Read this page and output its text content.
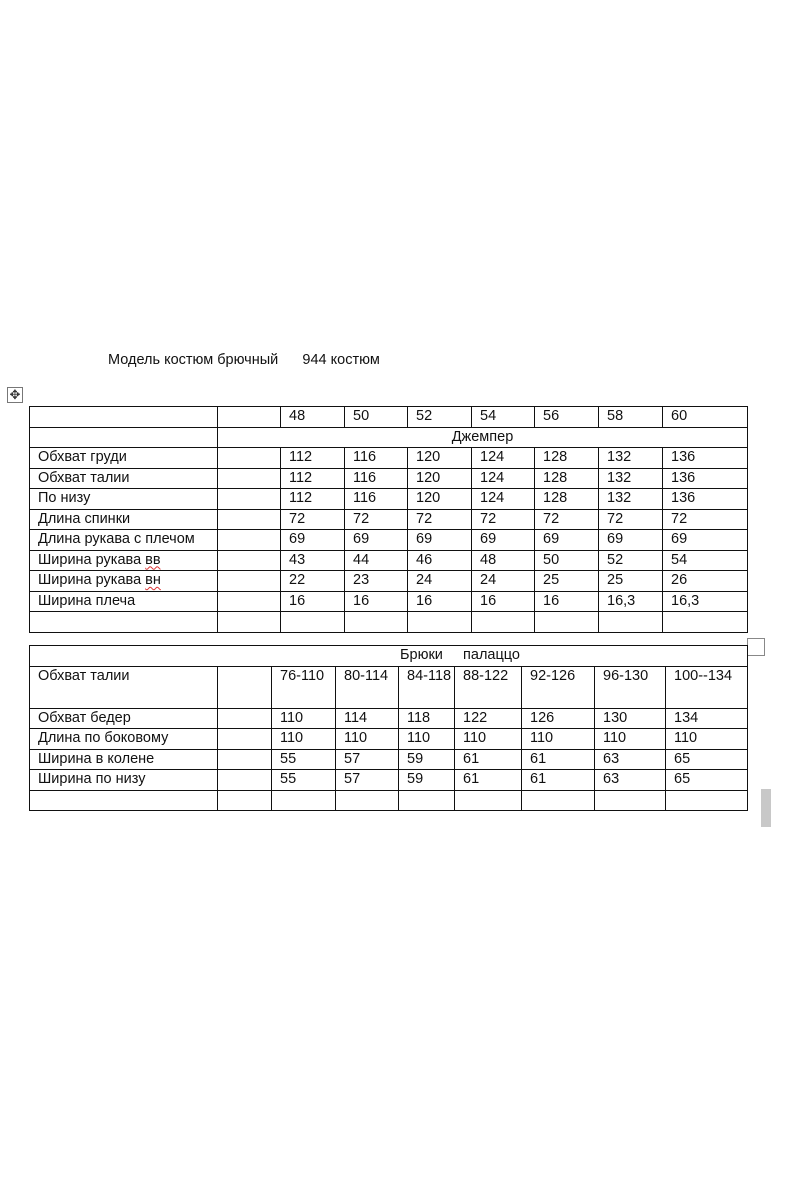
Модель костюм брючный      944 костюм
✥
		48	50	52	54	56	58	60
	Джемпер							
Обхват груди		112	116	120	124	128	132	136
Обхват талии		112	116	120	124	128	132	136
По низу		112	116	120	124	128	132	136
Длина спинки		72	72	72	72	72	72	72
Длина рукава с плечом		69	69	69	69	69	69	69
Ширина рукава вв		43	44	46	48	50	52	54
Ширина рукава вн		22	23	24	24	25	25	26
Ширина плеча		16	16	16	16	16	16,3	16,3

Брюки     палаццо								
Обхват талии		76-110	80-114	84-118	88-122	92-126	96-130	100--134
Обхват бедер		110	114	118	122	126	130	134
Длина по боковому		110	110	110	110	110	110	110
Ширина в колене		55	57	59	61	61	63	65
Ширина по низу		55	57	59	61	61	63	65
